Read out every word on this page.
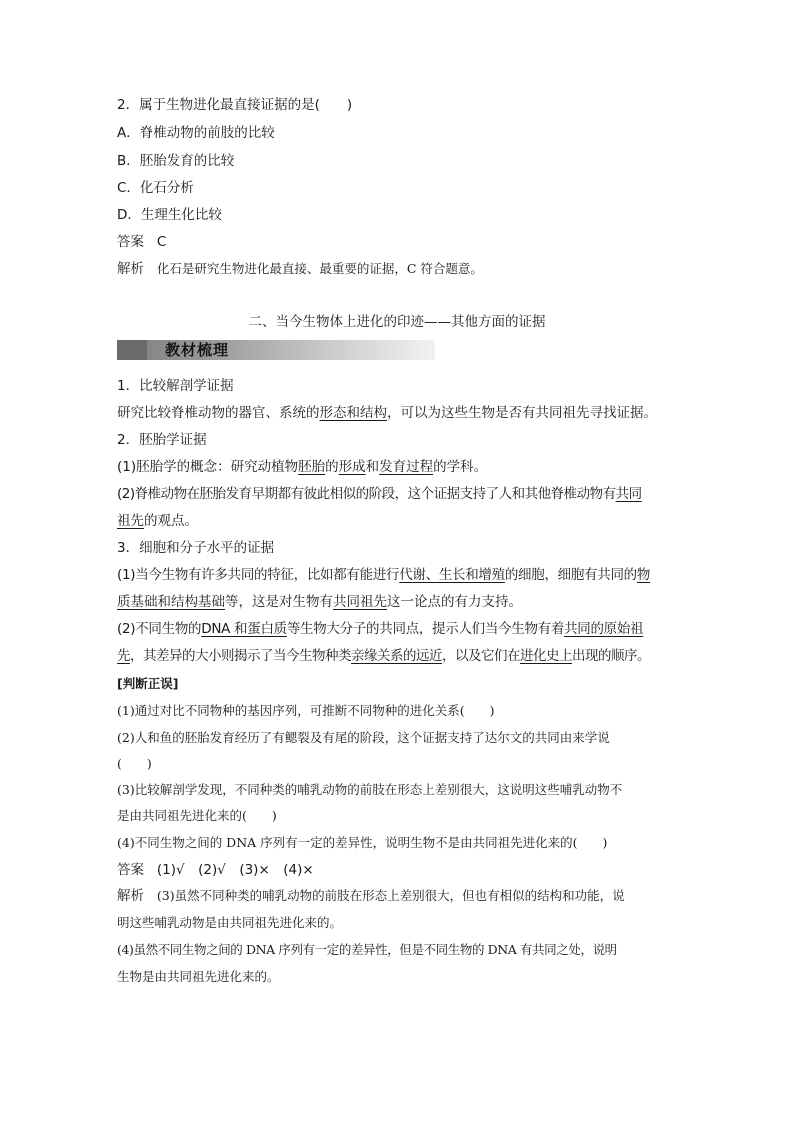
2．属于生物进化最直接证据的是(　　)
A．脊椎动物的前肢的比较
B．胚胎发育的比较
C．化石分析
D．生理生化比较
答案 C
解析 化石是研究生物进化最直接、最重要的证据，C 符合题意。
二、当今生物体上进化的印迹——其他方面的证据
教材梳理
1．比较解剖学证据
研究比较脊椎动物的器官、系统的形态和结构，可以为这些生物是否有共同祖先寻找证据。
2．胚胎学证据
(1)胚胎学的概念：研究动植物胚胎的形成和发育过程的学科。
(2)脊椎动物在胚胎发育早期都有彼此相似的阶段，这个证据支持了人和其他脊椎动物有共同
祖先的观点。
3．细胞和分子水平的证据
(1)当今生物有许多共同的特征，比如都有能进行代谢、生长和增殖的细胞，细胞有共同的物
质基础和结构基础等，这是对生物有共同祖先这一论点的有力支持。
(2)不同生物的DNA 和蛋白质等生物大分子的共同点，提示人们当今生物有着共同的原始祖
先，其差异的大小则揭示了当今生物种类亲缘关系的远近，以及它们在进化史上出现的顺序。
[判断正误]
(1)通过对比不同物种的基因序列，可推断不同物种的进化关系(　　)
(2)人和鱼的胚胎发育经历了有鳃裂及有尾的阶段，这个证据支持了达尔文的共同由来学说
(　　)
(3)比较解剖学发现，不同种类的哺乳动物的前肢在形态上差别很大，这说明这些哺乳动物不
是由共同祖先进化来的(　　)
(4)不同生物之间的 DNA 序列有一定的差异性，说明生物不是由共同祖先进化来的(　　)
答案 (1)√　(2)√　(3)×　(4)×
解析 (3)虽然不同种类的哺乳动物的前肢在形态上差别很大，但也有相似的结构和功能，说
明这些哺乳动物是由共同祖先进化来的。
(4)虽然不同生物之间的 DNA 序列有一定的差异性，但是不同生物的 DNA 有共同之处，说明
生物是由共同祖先进化来的。
